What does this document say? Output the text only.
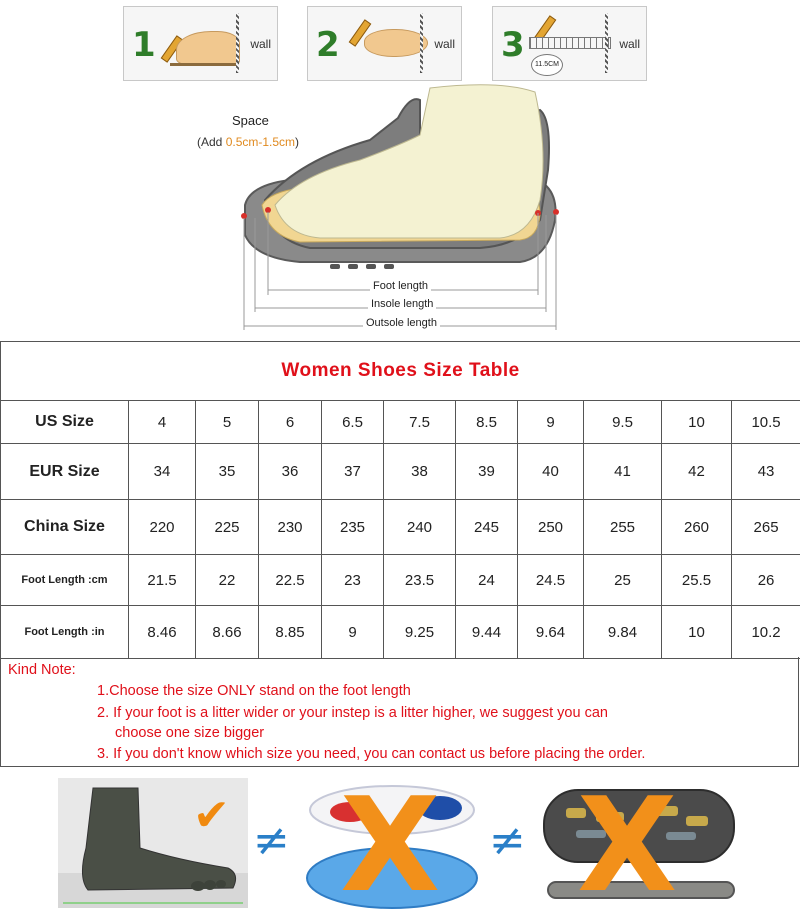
1	wall 2	wall 3	11.5CM
wall
Space
(Add 0.5cm-1.5cm)
Foot length
Insole length
Outsole length
Women Shoes Size Table										
US Size	4	5	6	6.5	7.5	8.5	9	9.5	10	10.5
EUR Size	34	35	36	37	38	39	40	41	42	43
China Size	220	225	230	235	240	245	250	255	260	265
Foot Length :cm	21.5	22	22.5	23	23.5	24	24.5	25	25.5	26
Foot Length :in	8.46	8.66	8.85	9	9.25	9.44	9.64	9.84	10	10.2
Kind Note:
1.Choose the size ONLY stand on the foot length
2. If your foot is a litter wider or your instep is a litter higher, we suggest you can
choose one size bigger
3. If you don't know which size you need, you can contact us before placing the order.
✔ ≠ X ≠ X
